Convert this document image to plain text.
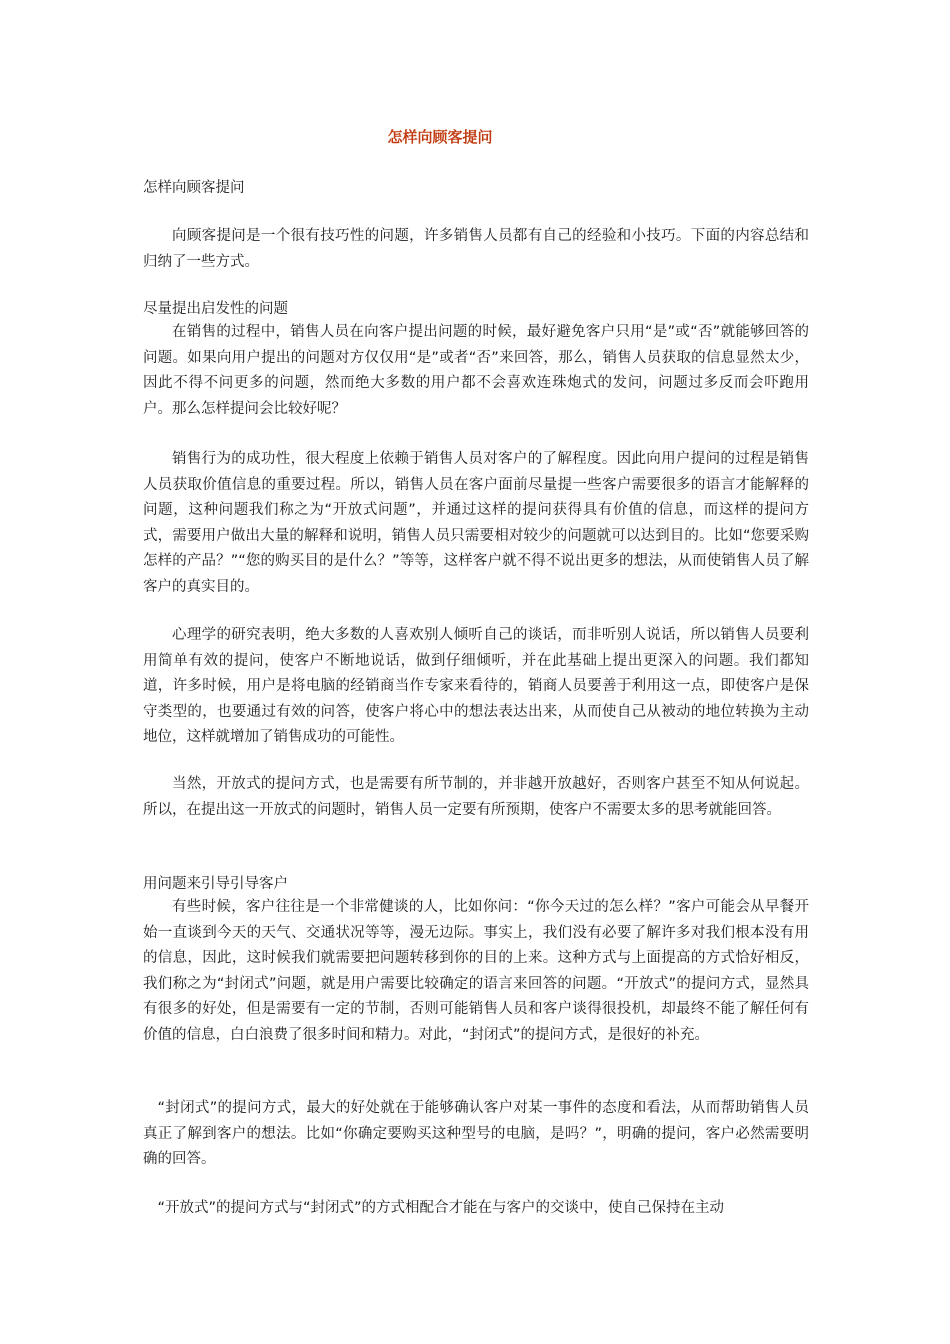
怎样向顾客提问

怎样向顾客提问

向顾客提问是一个很有技巧性的问题，许多销售人员都有自己的经验和小技巧。下面的内容总结和归纳了一些方式。

尽量提出启发性的问题

在销售的过程中，销售人员在向客户提出问题的时候，最好避免客户只用“是”或“否”就能够回答的问题。如果向用户提出的问题对方仅仅用“是”或者“否”来回答，那么，销售人员获取的信息显然太少，因此不得不问更多的问题，然而绝大多数的用户都不会喜欢连珠炮式的发问，问题过多反而会吓跑用户。那么怎样提问会比较好呢？

销售行为的成功性，很大程度上依赖于销售人员对客户的了解程度。因此向用户提问的过程是销售人员获取价值信息的重要过程。所以，销售人员在客户面前尽量提一些客户需要很多的语言才能解释的问题，这种问题我们称之为“开放式问题”，并通过这样的提问获得具有价值的信息，而这样的提问方式，需要用户做出大量的解释和说明，销售人员只需要相对较少的问题就可以达到目的。比如“您要采购怎样的产品？”“您的购买目的是什么？”等等，这样客户就不得不说出更多的想法，从而使销售人员了解客户的真实目的。

心理学的研究表明，绝大多数的人喜欢别人倾听自己的谈话，而非听别人说话，所以销售人员要利用简单有效的提问，使客户不断地说话，做到仔细倾听，并在此基础上提出更深入的问题。我们都知道，许多时候，用户是将电脑的经销商当作专家来看待的，销商人员要善于利用这一点，即使客户是保守类型的，也要通过有效的问答，使客户将心中的想法表达出来，从而使自己从被动的地位转换为主动地位，这样就增加了销售成功的可能性。

当然，开放式的提问方式，也是需要有所节制的，并非越开放越好，否则客户甚至不知从何说起。所以，在提出这一开放式的问题时，销售人员一定要有所预期，使客户不需要太多的思考就能回答。

用问题来引导引导客户

有些时候，客户往往是一个非常健谈的人，比如你问：“你今天过的怎么样？”客户可能会从早餐开始一直谈到今天的天气、交通状况等等，漫无边际。事实上，我们没有必要了解许多对我们根本没有用的信息，因此，这时候我们就需要把问题转移到你的目的上来。这种方式与上面提高的方式恰好相反，我们称之为“封闭式”问题，就是用户需要比较确定的语言来回答的问题。“开放式”的提问方式，显然具有很多的好处，但是需要有一定的节制，否则可能销售人员和客户谈得很投机，却最终不能了解任何有价值的信息，白白浪费了很多时间和精力。对此，“封闭式”的提问方式，是很好的补充。

“封闭式”的提问方式，最大的好处就在于能够确认客户对某一事件的态度和看法，从而帮助销售人员真正了解到客户的想法。比如“你确定要购买这种型号的电脑，是吗？”，明确的提问，客户必然需要明确的回答。

“开放式”的提问方式与“封闭式”的方式相配合才能在与客户的交谈中，使自己保持在主动
